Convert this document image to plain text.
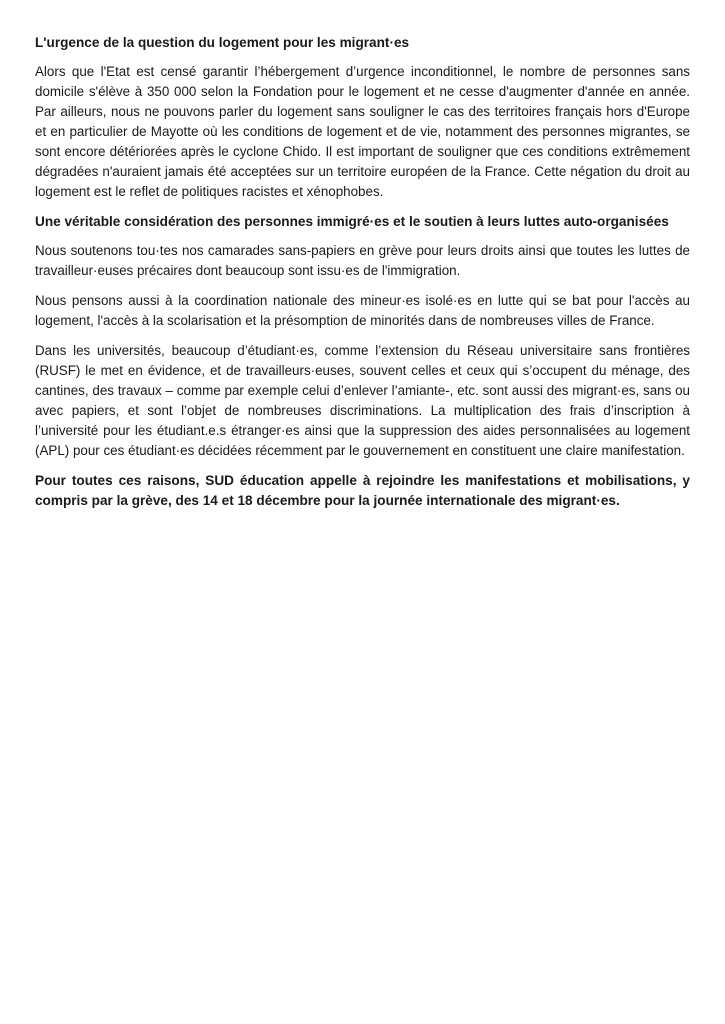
L'urgence de la question du logement pour les migrant·es

Alors que l'Etat est censé garantir l’hébergement d’urgence inconditionnel, le nombre de personnes sans domicile s'élève à 350 000 selon la Fondation pour le logement et ne cesse d'augmenter d'année en année. Par ailleurs, nous ne pouvons parler du logement sans souligner le cas des territoires français hors d'Europe et en particulier de Mayotte où les conditions de logement et de vie, notamment des personnes migrantes, se sont encore détériorées après le cyclone Chido. Il est important de souligner que ces conditions extrêmement dégradées n'auraient jamais été acceptées sur un territoire européen de la France. Cette négation du droit au logement est le reflet de politiques racistes et xénophobes.

Une véritable considération des personnes immigré·es et le soutien à leurs luttes auto-organisées

Nous soutenons tou·tes nos camarades sans-papiers en grève pour leurs droits ainsi que toutes les luttes de travailleur·euses précaires dont beaucoup sont issu·es de l'immigration.

Nous pensons aussi à la coordination nationale des mineur·es isolé·es en lutte qui se bat pour l'accès au logement, l'accès à la scolarisation et la présomption de minorités dans de nombreuses villes de France.

Dans les universités, beaucoup d’étudiant·es, comme l’extension du Réseau universitaire sans frontières (RUSF) le met en évidence, et de travailleurs·euses, souvent celles et ceux qui s’occupent du ménage, des cantines, des travaux – comme par exemple celui d’enlever l’amiante-, etc. sont aussi des migrant·es, sans ou avec papiers, et sont l’objet de nombreuses discriminations. La multiplication des frais d’inscription à l’université pour les étudiant.e.s étranger·es ainsi que la suppression des aides personnalisées au logement (APL) pour ces étudiant·es décidées récemment par le gouvernement en constituent une claire manifestation.

Pour toutes ces raisons, SUD éducation appelle à rejoindre les manifestations et mobilisations, y compris par la grève, des 14 et 18 décembre pour la journée internationale des migrant·es.
